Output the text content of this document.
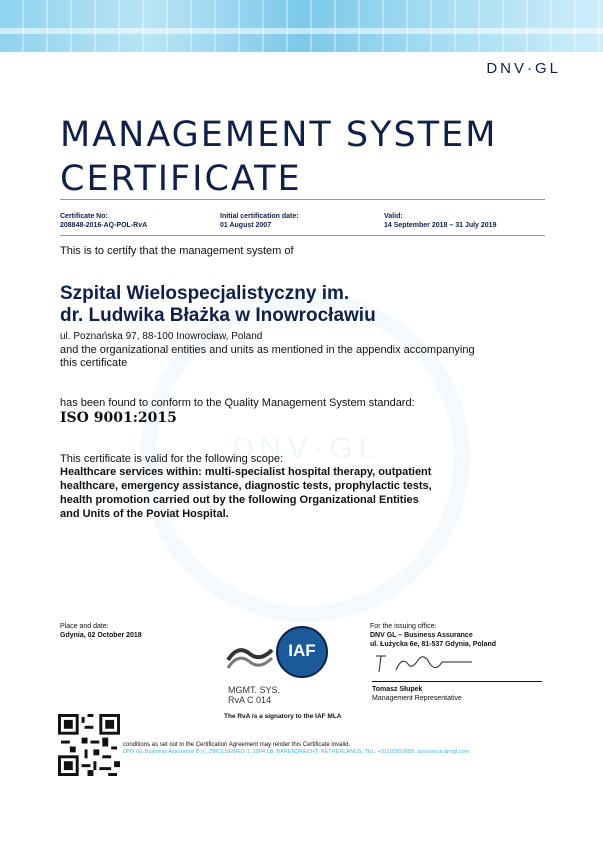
DNV·GL
MANAGEMENT SYSTEM
CERTIFICATE
Certificate No:
208848-2016-AQ-POL-RvA
Initial certification date:
01 August 2007
Valid:
14 September 2018 – 31 July 2019
DNV·GL
This is to certify that the management system of
Szpital Wielospecjalistyczny im.
dr. Ludwika Błażka w Inowrocławiu
ul. Poznańska 97, 88-100 Inowrocław, Poland
and the organizational entities and units as mentioned in the appendix accompanying
this certificate
has been found to conform to the Quality Management System standard:
ISO 9001:2015
This certificate is valid for the following scope:
Healthcare services within: multi-specialist hospital therapy, outpatient
healthcare, emergency assistance, diagnostic tests, prophylactic tests,
health promotion carried out by the following Organizational Entities
and Units of the Poviat Hospital.
Place and date:
Gdynia, 02 October 2018
For the issuing office:
DNV GL – Business Assurance
ul. Łużycka 6e, 81-537 Gdynia, Poland
MGMT. SYS.
RvA C 014
IAF
The RvA is a signatory to the IAF MLA
Tomasz Słupek
Management Representative
conditions as set out in the Certification Agreement may render this Certificate invalid.
DNV GL Business Assurance B.V., ZWOLSEWEG 1, 2994 LB, BARENDRECHT, NETHERLANDS. TEL: +31102922689. assurance.dnvgl.com
